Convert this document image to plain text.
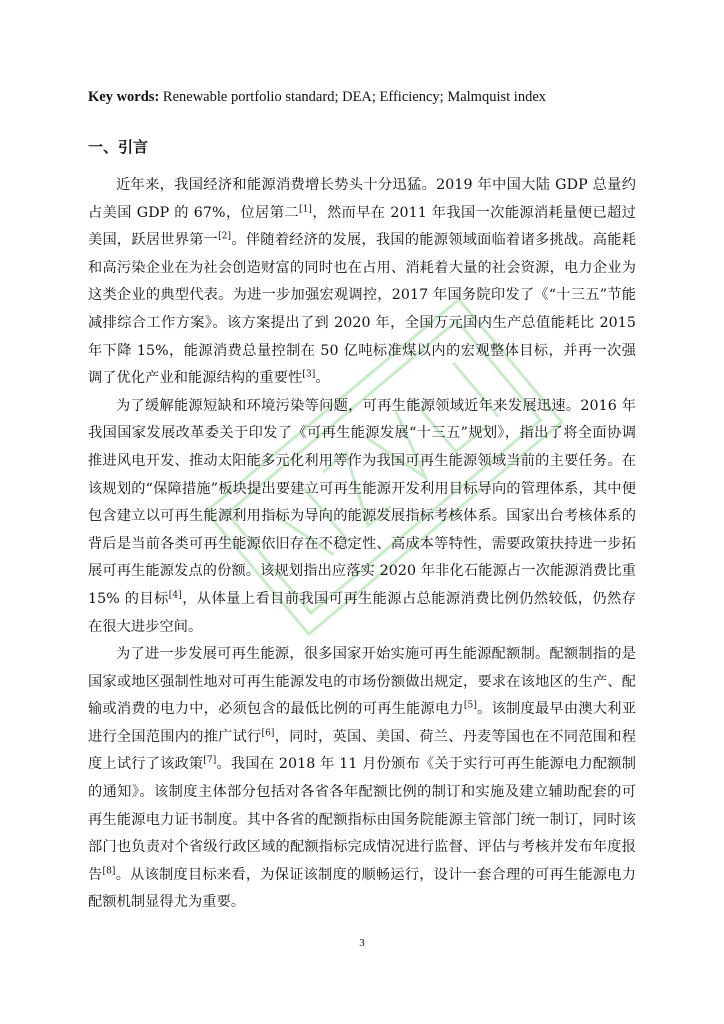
Key words: Renewable portfolio standard; DEA; Efficiency; Malmquist index
一、引言

近年来，我国经济和能源消费增长势头十分迅猛。2019 年中国大陆 GDP 总量约占美国 GDP 的 67%，位居第二[1]，然而早在 2011 年我国一次能源消耗量便已超过美国，跃居世界第一[2]。伴随着经济的发展，我国的能源领域面临着诸多挑战。高能耗和高污染企业在为社会创造财富的同时也在占用、消耗着大量的社会资源，电力企业为这类企业的典型代表。为进一步加强宏观调控，2017 年国务院印发了《“十三五”节能减排综合工作方案》。该方案提出了到 2020 年，全国万元国内生产总值能耗比 2015 年下降 15%，能源消费总量控制在 50 亿吨标准煤以内的宏观整体目标，并再一次强调了优化产业和能源结构的重要性[3]。

为了缓解能源短缺和环境污染等问题，可再生能源领域近年来发展迅速。2016 年我国国家发展改革委关于印发了《可再生能源发展“十三五”规划》，指出了将全面协调推进风电开发、推动太阳能多元化利用等作为我国可再生能源领域当前的主要任务。在该规划的“保障措施”板块提出要建立可再生能源开发利用目标导向的管理体系，其中便包含建立以可再生能源利用指标为导向的能源发展指标考核体系。国家出台考核体系的背后是当前各类可再生能源依旧存在不稳定性、高成本等特性，需要政策扶持进一步拓展可再生能源发点的份额。该规划指出应落实 2020 年非化石能源占一次能源消费比重 15% 的目标[4]，从体量上看目前我国可再生能源占总能源消费比例仍然较低，仍然存在很大进步空间。

为了进一步发展可再生能源，很多国家开始实施可再生能源配额制。配额制指的是国家或地区强制性地对可再生能源发电的市场份额做出规定，要求在该地区的生产、配输或消费的电力中，必须包含的最低比例的可再生能源电力[5]。该制度最早由澳大利亚进行全国范围内的推广试行[6]，同时，英国、美国、荷兰、丹麦等国也在不同范围和程度上试行了该政策[7]。我国在 2018 年 11 月份颁布《关于实行可再生能源电力配额制的通知》。该制度主体部分包括对各省各年配额比例的制订和实施及建立辅助配套的可再生能源电力证书制度。其中各省的配额指标由国务院能源主管部门统一制订，同时该部门也负责对个省级行政区域的配额指标完成情况进行监督、评估与考核并发布年度报告[8]。从该制度目标来看，为保证该制度的顺畅运行，设计一套合理的可再生能源电力配额机制显得尤为重要。

3
